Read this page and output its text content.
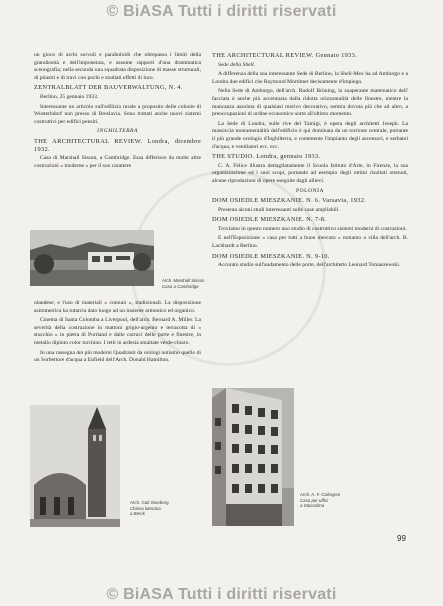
© BiASA Tutti i diritti riservati

un gioco di archi sorvoli e paraboloidi che oltrepassa i limiti della grandiosità e dell'imponenza, e assume rapporti d'una drammatica scenografia; nella seconda una squadrata disposizione di masse strutturali, di pilastri e di travi con pochi e studiati effetti di luce.

ZENTRALBLATT DER BAUVERWALTUNG, N. 4.

Berlino, 25 gennaio 1933.

Interessante un articolo sull'edilizia rurale a proposito delle colonie di Wusterhdorf non presso di Breslavia. Sono trattati anche nuovi sistemi costruttivi per edifici pensiti.

INGHILTERRA

THE ARCHITECTURAL REVIEW. Londra, dicembre 1932.

Casa di Marshall Sisson, a Cambridge. Essa differisce da molte altre costruzioni « moderne » per il suo carattere

Arch. Marshall Sisson
Casa a Cambridge

olandese, e l'uso di materiali « comuni », tradizionali. La disposizione asimmetrica ha tuttavia dato luogo ad un insieme armonico ed organico.

Cinema di Santa Colomba a Liverpool, dell'arch. Bernard A. Miller. La severità della costruzione in mattoni grigio-argento e terracotta di « stucchio » in pietra di Portland e dalle cornici delle porte e finestre, in metallo dipinto color turchino. I tetti in ardesia smaltate verde-chiaro.

In una rassegna dei più moderni Quadranti da orologi notiamo quello di un Sorbettore d'acqua a Enfield dell'Arch. Donald Hamilton.

Arch. Carl Stoeberg
Chiesa luterana
a Berck

THE ARCHITECTURAL REVIEW. Gennaio 1933.

Sede della Shell.

A differenza della sua interessante Sede di Berlino, la Shell-Mex ha ad Amburgo e a Londra due edifici che Raymond Mortimer decisamente d'impiego.

Nella Sede di Amburgo, dell'arch. Rudolf Brüning, la suaperante matematico dell' facciata è anche più accentuata dalla ridotta orizzontalità delle finestre, mentre la mancanza assoluta di qualsiasi motivo decorativo, semtra dovuta più che ad altro, a preoccupazioni di ordine economico sorte all'ultimo momento.

La Sede di Londra, sulle rive del Tamigi, è opera degli architetti Joseph. La massiccia monumentalità dell'edificio è qui dominata da un torrione centrale, portante il più grande orologio d'Inghilterra, e contenente l'impianto degli ascensori, e serbatoi d'acqua, e ventilatori ecc. ecc.

THE STUDIO. Londra, gennaio 1933.

C. A. Felice illustra dettagliatamente il Scuola Istituto d'Arte, in Firenze, la sua organizzazione ed i suoi scopi, portando ad esempio degli ottimi risultati ottenuti, alcune riproduzioni di opere eseguite dagli allievi.

POLONIA

DOM OSIEDLE MIESZKANIE. N. 6. Varsavia, 1932.

Presenta alcuni studi interessanti sulle case ampliabili.

DOM OSIEDLE MIESZKANIE. N. 7-8.

Troviamo in questo numero uno studio di costruttivo sistemi moderni di costruzioni.

E nell'Esposizione « casa per tutti a buon mercato » notiamo a villa dell'arch. B. Lachhardt a Berlino.

DOM OSIEDLE MIESZKANIE. N. 9-10.

Accurato studio sull'andamento delle porte, dell'architetto Leonard Tomaszewski.

Arch. A. F. Carlsgren
Casa per uffici
a Stoccolma
99
© BiASA Tutti i diritti riservati
